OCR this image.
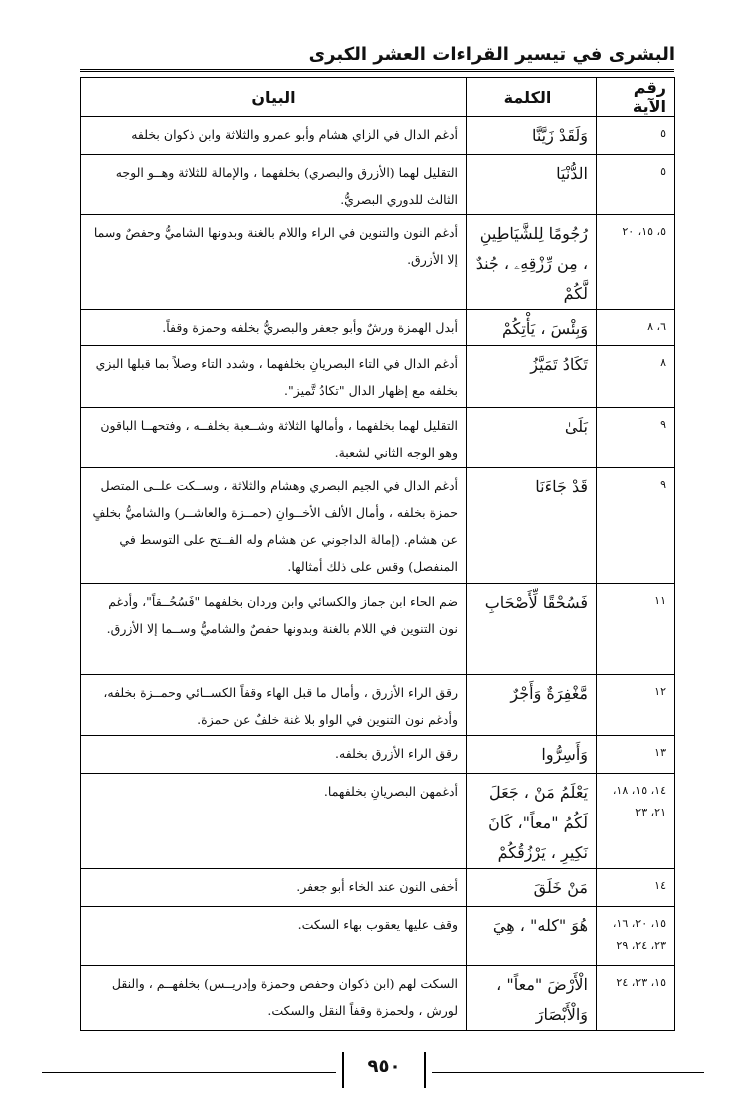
البشرى في تيسير القراءات العشر الكبرى
رقم الآية	الكلمة	البيان
٥	وَلَقَدْ زَيَّنَّا	أدغم الدال في الزاي هشام وأبو عمرو والثلاثة وابن ذكوان بخلفه
٥	الدُّنْيَا	التقليل لهما (الأزرق والبصري) بخلفهما ، والإمالة للثلاثة وهــو الوجه الثالث للدوري البصريُّ.
٥، ١٥، ٢٠	رُجُومًا لِلشَّيَاطِينِ ، مِن رِّزْقِهِۦ ، جُندٌ لَّكُمْ	أدغم النون والتنوين في الراء واللام بالغنة وبدونها الشاميُّ وحفصٌ وسما إلا الأزرق.
٦، ٨	وَبِئْسَ ، يَأْتِكُمْ	أبدل الهمزة ورشٌ وأبو جعفر والبصريُّ بخلفه وحمزة وقفاً.
٨	تَكَادُ تَمَيَّزُ	أدغم الدال في التاء البصريانِ بخلفهما ، وشدد التاء وصلاً بما قبلها البزي بخلفه مع إظهار الدال "تكادُ تَّميز".
٩	بَلَىٰ	التقليل لهما بخلفهما ، وأمالها الثلاثة وشــعبة بخلفــه ، وفتحهــا الباقون وهو الوجه الثاني لشعبة.
٩	قَدْ جَاءَنَا	أدغم الدال في الجيم البصري وهشام والثلاثة ، وســكت علــى المتصل حمزة بخلفه ، وأمال الألف الأخــوانِ (حمــزة والعاشــر) والشاميُّ بخلفٍ عن هشام. (إمالة الداجوني عن هشام وله الفــتح على التوسط في المنفصل) وقس على ذلك أمثالها.
١١	فَسُحْقًا لِّأَصْحَابِ	ضم الحاء ابن جماز والكسائي وابن وردان بخلفهما "فَسُحُــقاً"، وأدغم نون التنوين في اللام بالغنة وبدونها حفصٌ والشاميُّ وســما إلا الأزرق.
١٢	مَّغْفِرَةٌ وَأَجْرٌ	رقق الراء الأزرق ، وأمال ما قبل الهاء وقفاً الكســائي وحمــزة بخلفه، وأدغم نون التنوين في الواو بلا غنة خلفٌ عن حمزة.
١٣	وَأَسِرُّوا	رقق الراء الأزرق بخلفه.
١٤، ١٥، ١٨، ٢١، ٢٣	يَعْلَمُ مَنْ ، جَعَلَ لَكُمُ "معاً"، كَانَ نَكِيرِ ، يَرْزُقُكُمْ	أدغمهن البصريانِ بخلفهما.
١٤	مَنْ خَلَقَ	أخفى النون عند الخاء أبو جعفر.
١٥، ٢٠، ١٦، ٢٣، ٢٤، ٢٩	هُوَ "كله" ، هِيَ	وقف عليها يعقوب بهاء السكت.
١٥، ٢٣، ٢٤	الْأَرْضَ "معاً" ، وَالْأَبْصَارَ	السكت لهم (ابن ذكوان وحفص وحمزة وإدريــس) بخلفهــم ، والنقل لورش ، ولحمزة وقفاً النقل والسكت.
٩٥٠
